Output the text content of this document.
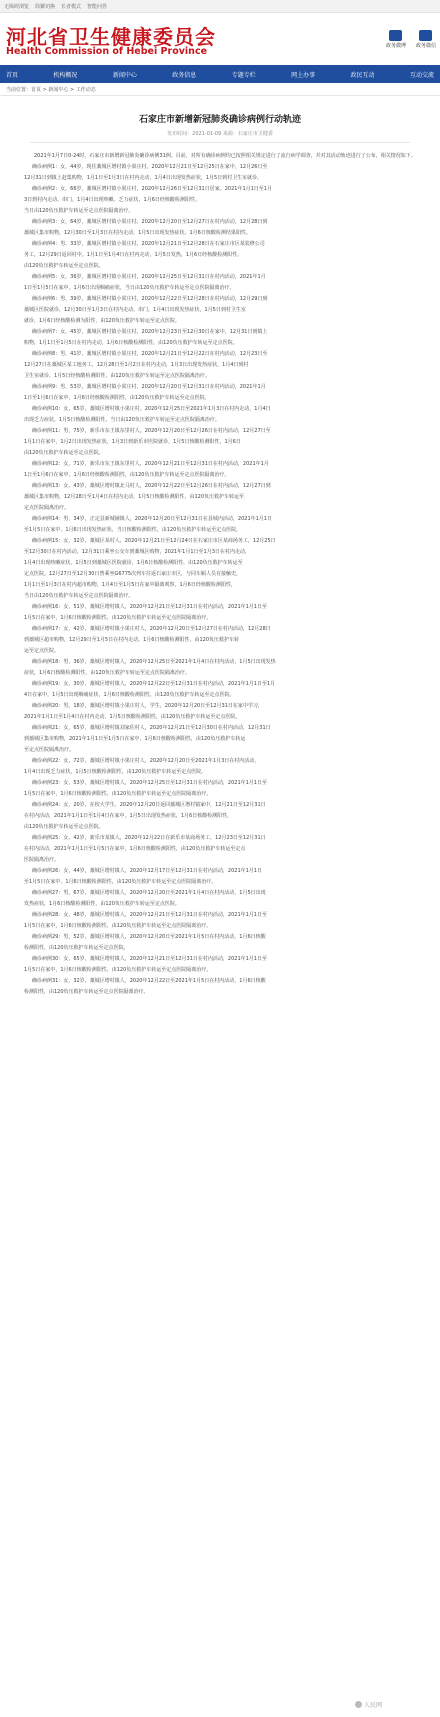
无障碍浏览 简繁切换 长者模式 智能问答
河北省卫生健康委员会
Health Commission of Hebei Province	政务微博 政务微信
首页	机构概况	新闻中心	政务信息	专题专栏	网上办事	政民互动	互动交流
当前位置：首页 > 新闻中心 > 工作动态
石家庄市新增新冠肺炎确诊病例行动轨迹
发布时间：2021-01-09 来源：石家庄市卫健委
2021年1月7日0-24时，石家庄市新增新冠肺炎确诊病例31例。目前，对所有确诊病例均已按照相关规定进行了流行病学调查，并对其活动轨迹进行了公布，相关情况如下。
确诊病例1：女，44岁，现住藁城区增村镇小果庄村。2020年12月21日至12月25日在家中，12月26日至
12月31日到镇上赶集购物，1月1日至1月3日在村内走动，1月4日出现发热症状，1月5日到村卫生室就诊，
确诊病例2：女，66岁，藁城区增村镇小果庄村，2020年12月26日至12月31日居家。2021年1月1日至1月
3日到村内走动、串门，1月4日出现咳嗽、乏力症状，1月6日经核酸检测阳性。
当日由120负压救护车转运至定点医院隔离治疗。
确诊病例3：女，64岁，藁城区增村镇小果庄村。2020年12月20日至12月27日在村内活动，12月28日到
藁城区集市购物，12月30日至1月3日在村内走动，1月5日出现发热症状，1月6日核酸检测结果阳性。
确诊病例4：男，33岁，藁城区增村镇小果庄村。2020年12月21日至12月28日在石家庄市区某装修公司
务工，12月29日返回村中。1月1日至1月4日在村内走动，1月5日发热，1月6日经核酸检测阳性。
由120负压救护车转运至定点医院。
确诊病例5：女，36岁，藁城区增村镇小果庄村，2020年12月25日至12月31日在村内活动，2021年1月
1日至1月5日在家中，1月6日出现咽痛症状，当日由120负压救护车转运至定点医院隔离治疗。
确诊病例6：男，39岁，藁城区增村镇小果庄村。2020年12月22日至12月28日在村内活动，12月29日到
藁城区医院就诊，12月30日至1月3日在村内走动、串门，1月4日出现发热症状，1月5日到村卫生室
就诊，1月6日经核酸检测为阳性，由120负压救护车转运至定点医院。
确诊病例7：女，45岁，藁城区增村镇小果庄村。2020年12月23日至12月30日在家中，12月31日到镇上
购物，1月1日至1月5日在村内走动，1月6日核酸检测阳性，由120负压救护车转运至定点医院。
确诊病例8：男，41岁，藁城区增村镇小果庄村。2020年12月21日至12月22日在村内活动，12月23日至
12月27日在藁城区某工地务工，12月28日至1月2日在村内走动，1月3日出现发热症状，1月4日到村
卫生室就诊，1月5日经核酸检测阳性，由120负压救护车转运至定点医院隔离治疗。
确诊病例9：男，53岁，藁城区增村镇小果庄村，2020年12月20日至12月31日在村内活动，2021年1月
1日至1月6日在家中，1月6日经核酸检测阳性，由120负压救护车转运至定点医院。
确诊病例10：女，65岁，藁城区增村镇小果庄村。2020年12月25日至2021年1月3日在村内走动，1月4日
出现乏力症状，1月5日核酸检测阳性，当日由120负压救护车转运至定点医院隔离治疗。
确诊病例11：男，75岁，新乐市东王镇东里村人。2020年12月20日至12月26日在村内活动，12月27日至
1月1日在家中，1月2日出现发热症状，1月3日到新乐市医院就诊，1月5日核酸检测阳性，1月6日
由120负压救护车转运至定点医院。
确诊病例12：女，71岁，新乐市东王镇东里村人，2020年12月21日至12月31日在村内活动，2021年1月
1日至1月6日在家中，1月6日经核酸检测阳性，由120负压救护车转运至定点医院隔离治疗。
确诊病例13：女，43岁，藁城区增村镇北马村人，2020年12月22日至12月26日在村内活动，12月27日到
藁城区集市购物，12月28日至1月4日在村内走动，1月5日核酸检测阳性，由120负压救护车转运至
定点医院隔离治疗。
确诊病例14：男，34岁，正定县新城铺镇人，2020年12月20日至12月31日在县城内活动，2021年1月1日
至1月5日在家中，1月6日出现发热症状，当日核酸检测阳性，由120负压救护车转运至定点医院。
确诊病例15：女，32岁，藁城区某村人，2020年12月21日至12月24日在石家庄市区某商场务工，12月25日
至12月30日在村内活动，12月31日乘坐公交车到藁城区购物，2021年1月1日至1月3日在村内走动，
1月4日出现咳嗽症状，1月5日到藁城区医院就诊，1月6日核酸检测阳性，由120负压救护车转运至
定点医院。12月27日至12月30日曾乘坐G6775次列车往返石家庄市区，与同车厢人员有接触史，
1月1日至1月3日在村内超市购物，1月4日至1月5日在家中隔离观察，1月6日经核酸检测阳性，
当日由120负压救护车转运至定点医院隔离治疗。
确诊病例16：女，51岁，藁城区增村镇人，2020年12月21日至12月31日在村内活动，2021年1月1日至
1月5日在家中，1月6日核酸检测阳性，由120负压救护车转运至定点医院隔离治疗。
确诊病例17：女，42岁，藁城区增村镇小果庄村人，2020年12月20日至12月27日在村内活动，12月28日
到藁城区超市购物，12月29日至1月5日在村内走动，1月6日核酸检测阳性，由120负压救护车转
运至定点医院。
确诊病例18：男，36岁，藁城区增村镇人，2020年12月25日至2021年1月4日在村内活动，1月5日出现发热
症状，1月6日核酸检测阳性，由120负压救护车转运至定点医院隔离治疗。
确诊病例19：女，30岁，藁城区增村镇人，2020年12月22日至12月31日在村内活动，2021年1月1日至1月
4日在家中，1月5日出现咽痛症状，1月6日核酸检测阳性，由120负压救护车转运至定点医院。
确诊病例20：男，18岁，藁城区增村镇小果庄村人，学生，2020年12月20日至12月31日在家中学习，
2021年1月1日至1月4日在村内走动，1月5日核酸检测阳性，由120负压救护车转运至定点医院。
确诊病例21：女，65岁，藁城区增村镇刘家佐村人，2020年12月21日至12月30日在村内活动，12月31日
到藁城区集市购物，2021年1月1日至1月5日在家中，1月6日核酸检测阳性，由120负压救护车转运
至定点医院隔离治疗。
确诊病例22：女，72岁，藁城区增村镇小果庄村人，2020年12月20日至2021年1月3日在村内活动，
1月4日出现乏力症状，1月5日核酸检测阳性，由120负压救护车转运至定点医院。
确诊病例23：女，53岁，藁城区增村镇人，2020年12月25日至12月31日在村内活动，2021年1月1日至
1月5日在家中，1月6日核酸检测阳性，由120负压救护车转运至定点医院隔离治疗。
确诊病例24：女，20岁，在校大学生，2020年12月20日返回藁城区增村镇家中，12月21日至12月31日
在村内活动，2021年1月1日至1月4日在家中，1月5日出现发热症状，1月6日核酸检测阳性，
由120负压救护车转运至定点医院。
确诊病例25：女，42岁，新乐市某镇人，2020年12月22日在新乐市某商场务工，12月23日至12月31日
在村内活动，2021年1月1日至1月5日在家中，1月6日核酸检测阳性，由120负压救护车转运至定点
医院隔离治疗。
确诊病例26：女，44岁，藁城区增村镇人，2020年12月17日至12月31日在村内活动，2021年1月1日
至1月5日在家中，1月6日核酸检测阳性，由120负压救护车转运至定点医院隔离治疗。
确诊病例27：男，67岁，藁城区增村镇人，2020年12月20日至2021年1月4日在村内活动，1月5日出现
发热症状，1月6日核酸检测阳性，由120负压救护车转运至定点医院。
确诊病例28：女，48岁，藁城区增村镇人，2020年12月21日至12月31日在村内活动，2021年1月1日至
1月5日在家中，1月6日核酸检测阳性，由120负压救护车转运至定点医院隔离治疗。
确诊病例29：男，52岁，藁城区增村镇人，2020年12月20日至2021年1月5日在村内活动，1月6日核酸
检测阳性，由120负压救护车转运至定点医院。
确诊病例30：女，65岁，藁城区增村镇人，2020年12月21日至12月31日在村内活动，2021年1月1日至
1月5日在家中，1月6日核酸检测阳性，由120负压救护车转运至定点医院隔离治疗。
确诊病例31：女，32岁，藁城区增村镇人，2020年12月22日至2021年1月5日在村内活动，1月6日核酸
检测阳性，由120负压救护车转运至定点医院隔离治疗。
人民网
